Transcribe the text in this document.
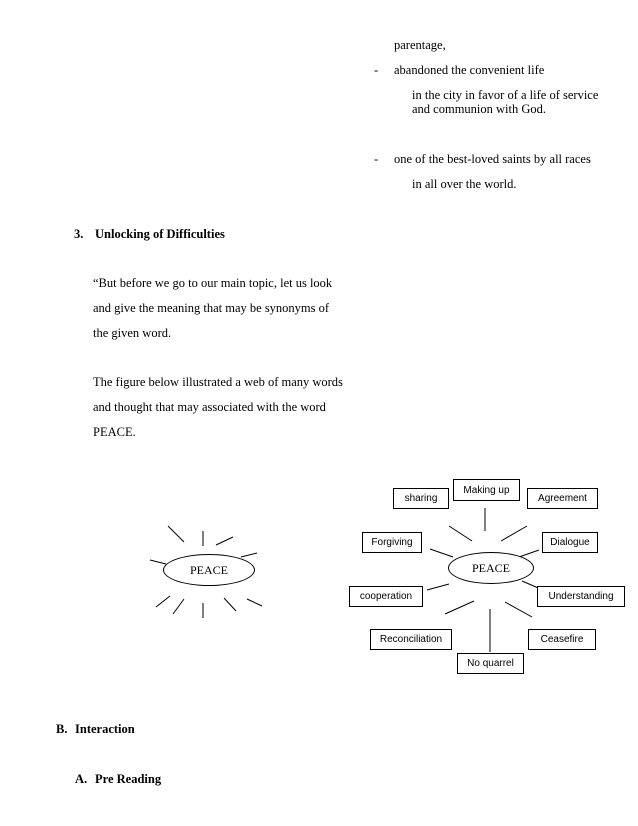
parentage,
- abandoned the convenient life
in the city in favor of a life of service
and communion with God.
- one of the best-loved saints by all races
in all over the world.
3. Unlocking of Difficulties
“But before we go to our main topic, let us look
and give the meaning that may be synonyms of
the given word.
The figure below illustrated a web of many words
and thought that may associated with the word
PEACE.
PEACE	PEACE
Making up
sharing	Agreement
Forgiving	Dialogue
cooperation	Understanding
Reconciliation	Ceasefire
No quarrel
B. Interaction
A. Pre Reading
